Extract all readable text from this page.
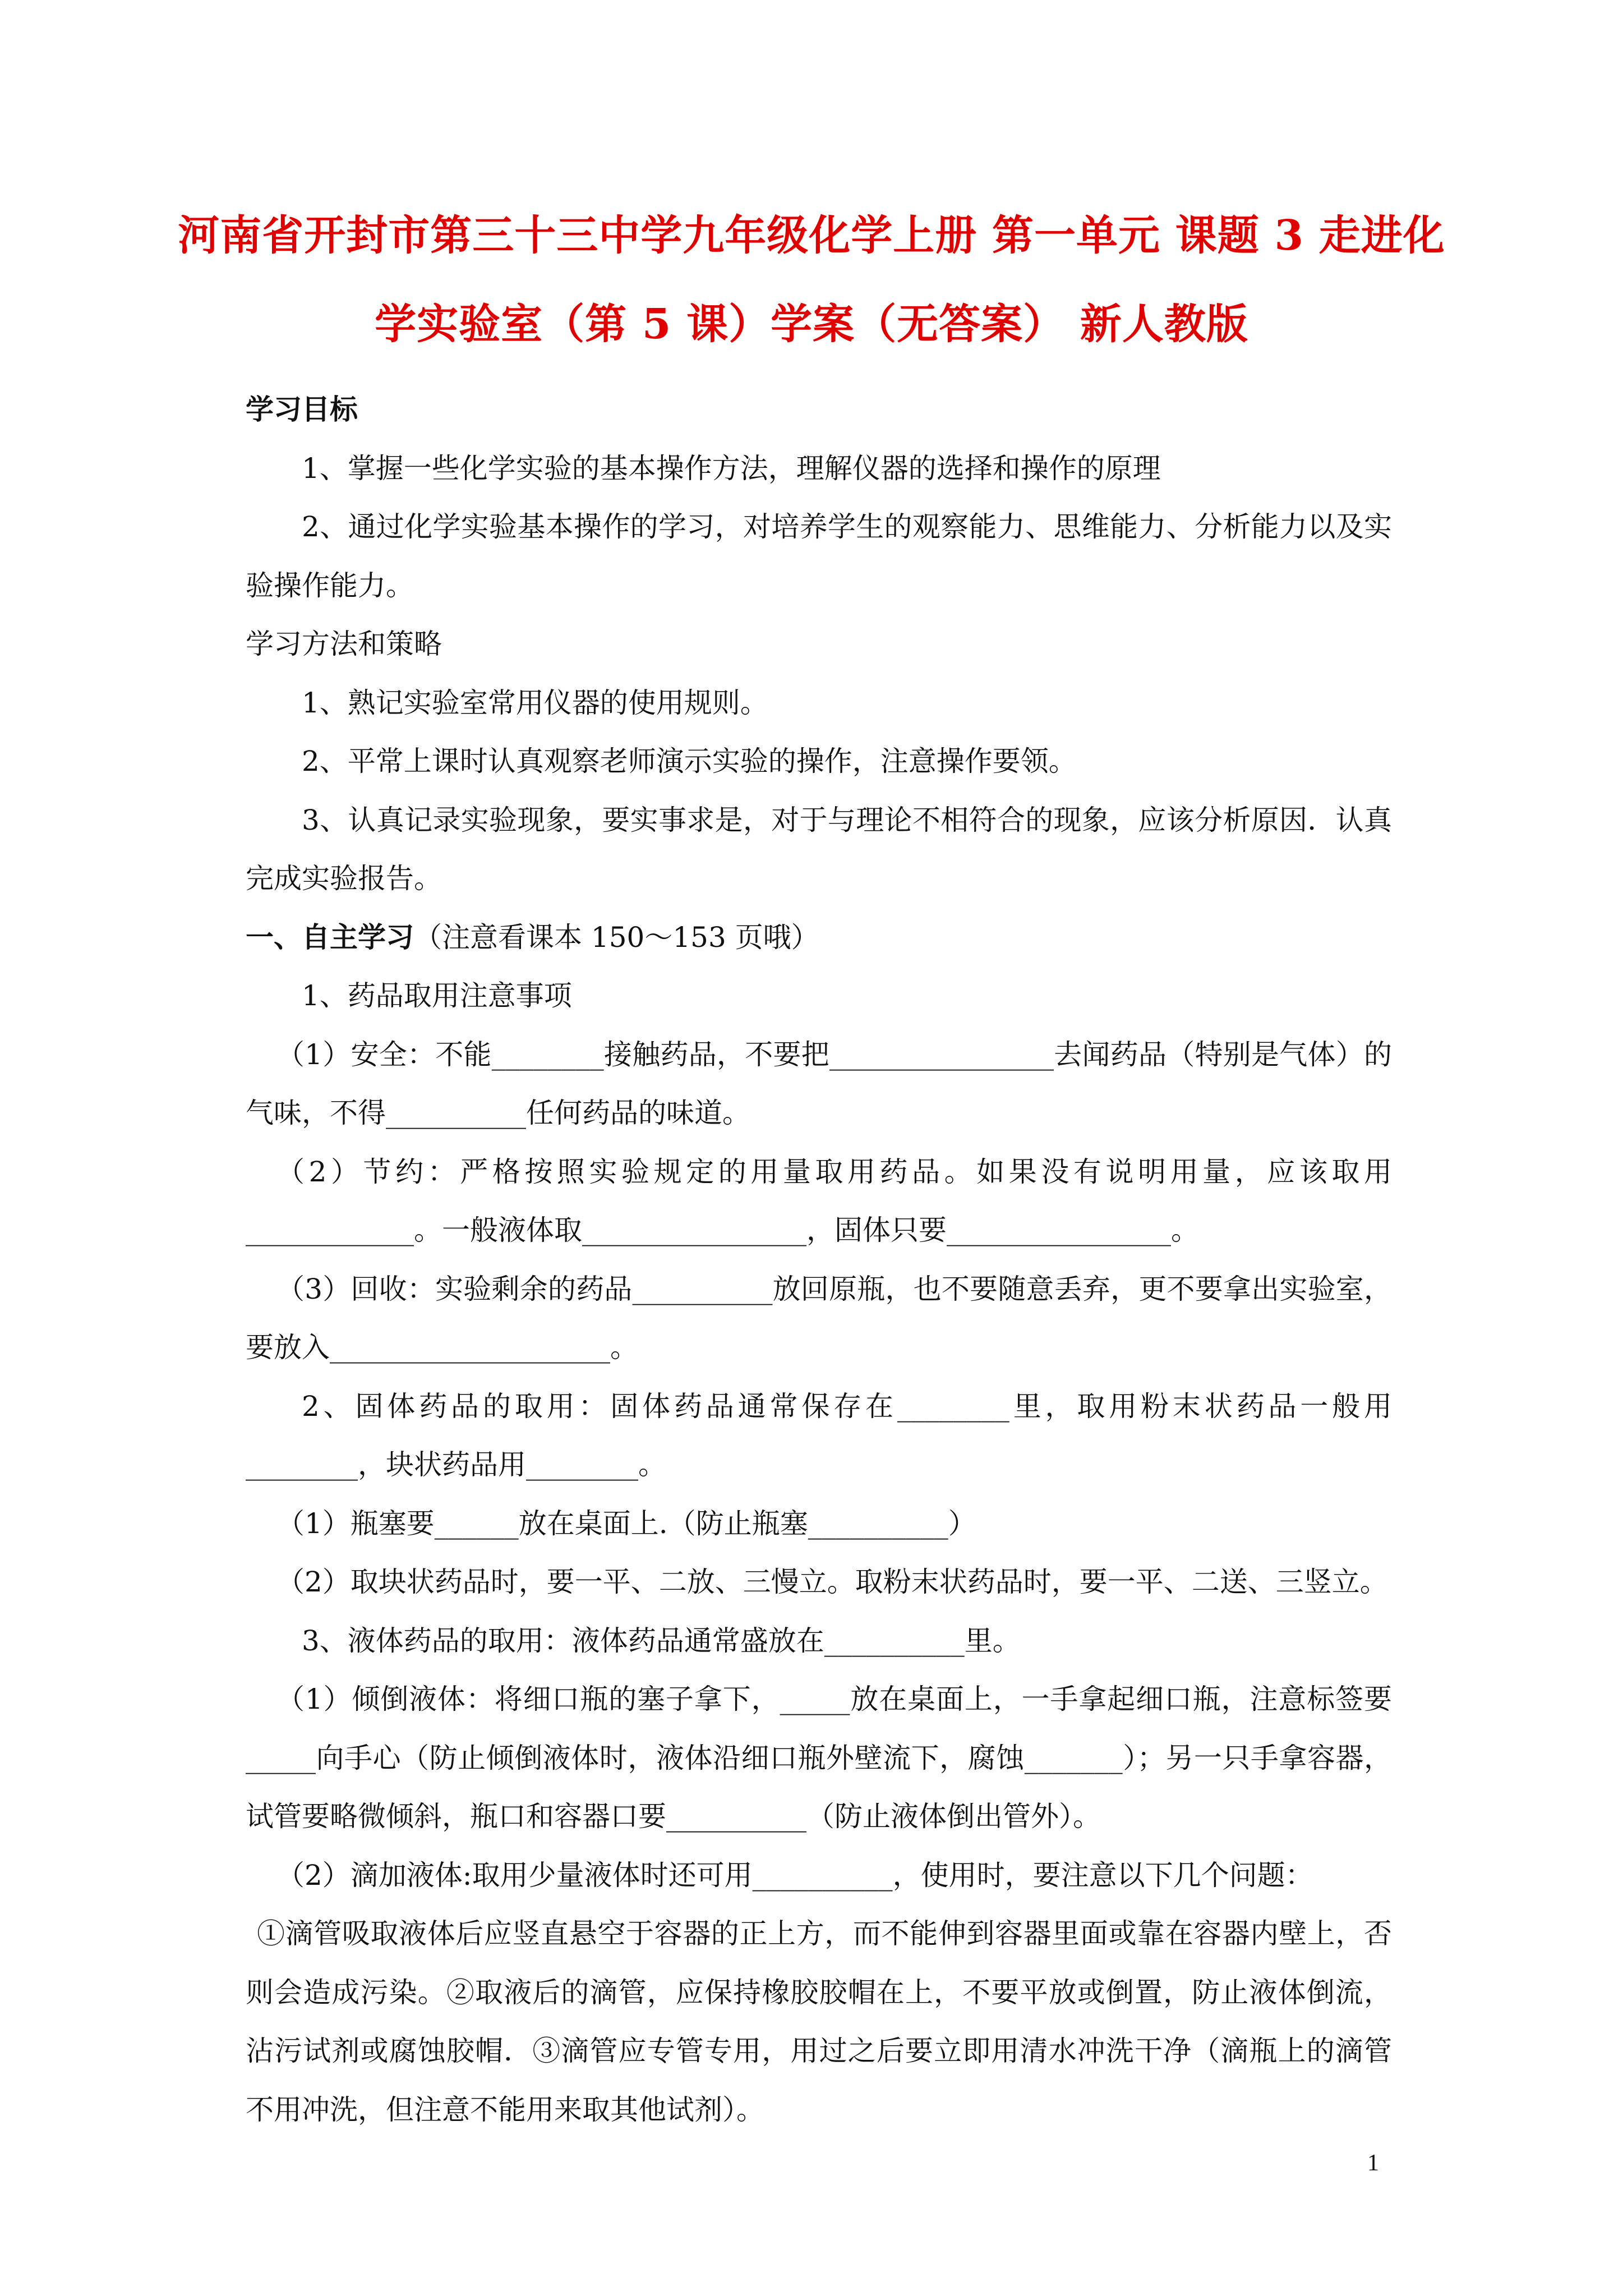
河南省开封市第三十三中学九年级化学上册 第一单元 课题 3 走进化
学实验室（第 5 课）学案（无答案） 新人教版

学习目标

1、掌握一些化学实验的基本操作方法，理解仪器的选择和操作的原理

2、通过化学实验基本操作的学习，对培养学生的观察能力、思维能力、分析能力以及实验操作能力。

学习方法和策略

1、熟记实验室常用仪器的使用规则。

2、平常上课时认真观察老师演示实验的操作，注意操作要领。

3、认真记录实验现象，要实事求是，对于与理论不相符合的现象，应该分析原因．认真完成实验报告。

一、自主学习（注意看课本 150～153 页哦）

1、药品取用注意事项

（1）安全：不能________接触药品，不要把________________去闻药品（特别是气体）的气味，不得__________任何药品的味道。

（2）节约：严格按照实验规定的用量取用药品。如果没有说明用量，应该取用____________。一般液体取________________，固体只要________________。

（3）回收：实验剩余的药品__________放回原瓶，也不要随意丢弃，更不要拿出实验室，要放入____________________。

2、固体药品的取用：固体药品通常保存在________里，取用粉末状药品一般用________，块状药品用________。

（1）瓶塞要______放在桌面上.（防止瓶塞__________）

（2）取块状药品时，要一平、二放、三慢立。取粉末状药品时，要一平、二送、三竖立。

3、液体药品的取用：液体药品通常盛放在__________里。

（1）倾倒液体：将细口瓶的塞子拿下，_____放在桌面上，一手拿起细口瓶，注意标签要_____向手心（防止倾倒液体时，液体沿细口瓶外壁流下，腐蚀_______）；另一只手拿容器，试管要略微倾斜，瓶口和容器口要__________（防止液体倒出管外）。

（2）滴加液体:取用少量液体时还可用__________，使用时，要注意以下几个问题：

①滴管吸取液体后应竖直悬空于容器的正上方，而不能伸到容器里面或靠在容器内壁上，否则会造成污染。②取液后的滴管，应保持橡胶胶帽在上，不要平放或倒置，防止液体倒流，沾污试剂或腐蚀胶帽．③滴管应专管专用，用过之后要立即用清水冲洗干净（滴瓶上的滴管不用冲洗，但注意不能用来取其他试剂）。

1
